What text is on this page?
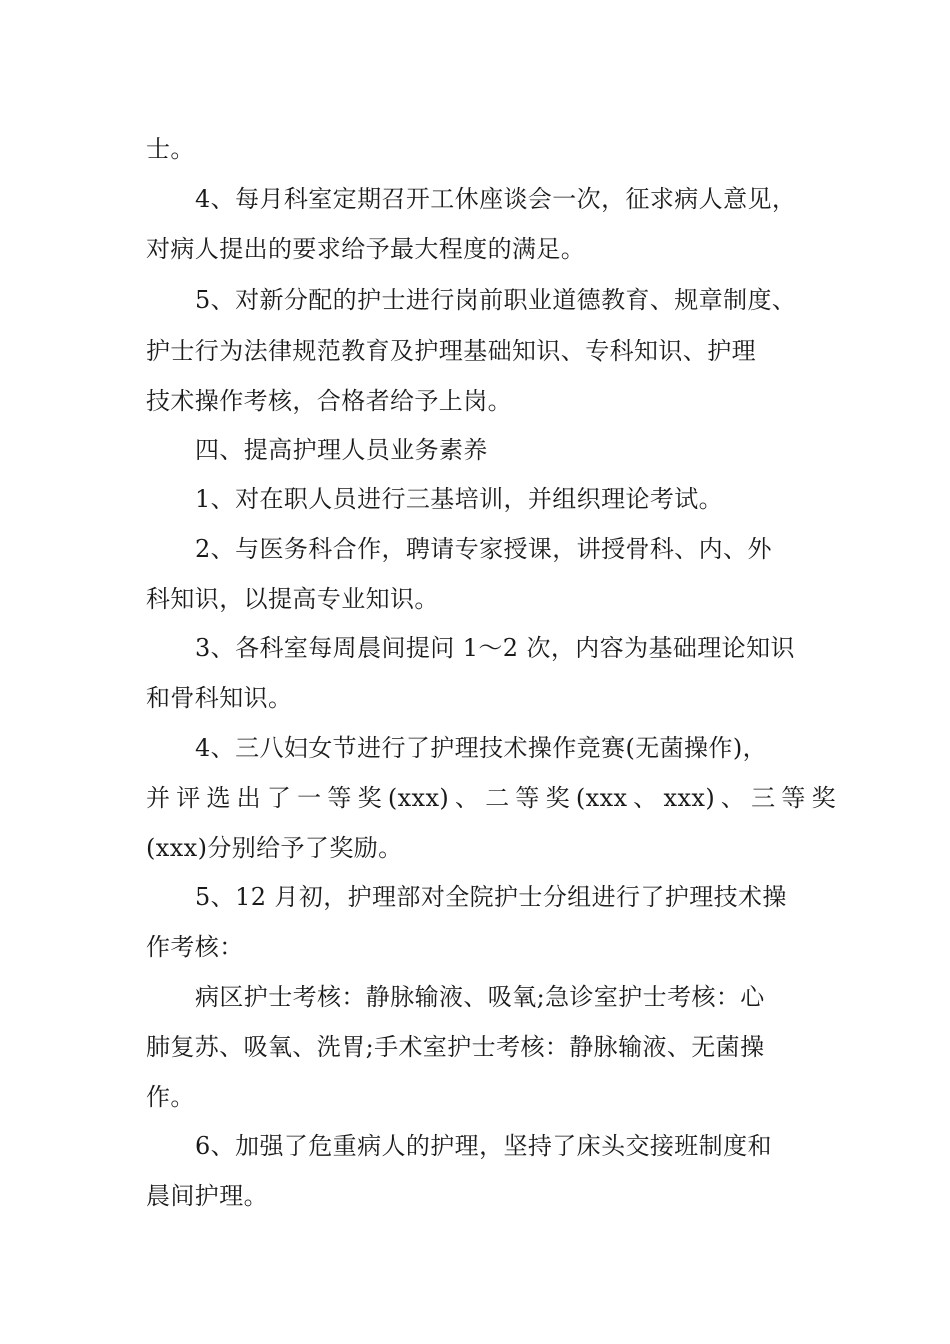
士。
4、每月科室定期召开工休座谈会一次，征求病人意见，
对病人提出的要求给予最大程度的满足。
5、对新分配的护士进行岗前职业道德教育、规章制度、
护士行为法律规范教育及护理基础知识、专科知识、护理
技术操作考核，合格者给予上岗。
四、提高护理人员业务素养
1、对在职人员进行三基培训，并组织理论考试。
2、与医务科合作，聘请专家授课，讲授骨科、内、外
科知识，以提高专业知识。
3、各科室每周晨间提问 1～2 次，内容为基础理论知识
和骨科知识。
4、三八妇女节进行了护理技术操作竞赛(无菌操作)，
并评选出了一等奖(xxx)、二等奖(xxx、xxx)、三等奖
(xxx)分别给予了奖励。
5、12 月初，护理部对全院护士分组进行了护理技术操
作考核：
病区护士考核：静脉输液、吸氧;急诊室护士考核：心
肺复苏、吸氧、洗胃;手术室护士考核：静脉输液、无菌操
作。
6、加强了危重病人的护理，坚持了床头交接班制度和
晨间护理。
